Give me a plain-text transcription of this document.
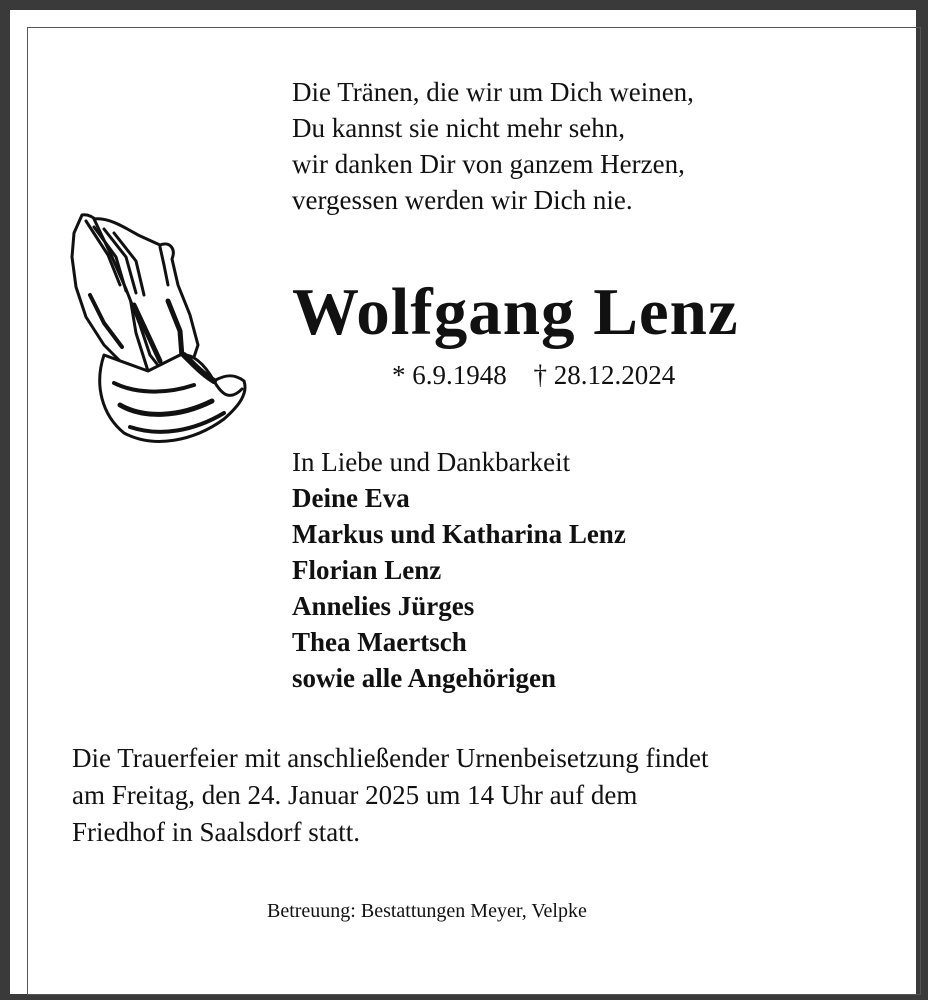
Die Tränen, die wir um Dich weinen,
Du kannst sie nicht mehr sehn,
wir danken Dir von ganzem Herzen,
vergessen werden wir Dich nie.
Wolfgang Lenz
* 6.9.1948 † 28.12.2024
In Liebe und Dankbarkeit
Deine Eva
Markus und Katharina Lenz
Florian Lenz
Annelies Jürges
Thea Maertsch
sowie alle Angehörigen
Die Trauerfeier mit anschließender Urnenbeisetzung findet
am Freitag, den 24. Januar 2025 um 14 Uhr auf dem
Friedhof in Saalsdorf statt.
Betreuung: Bestattungen Meyer, Velpke
